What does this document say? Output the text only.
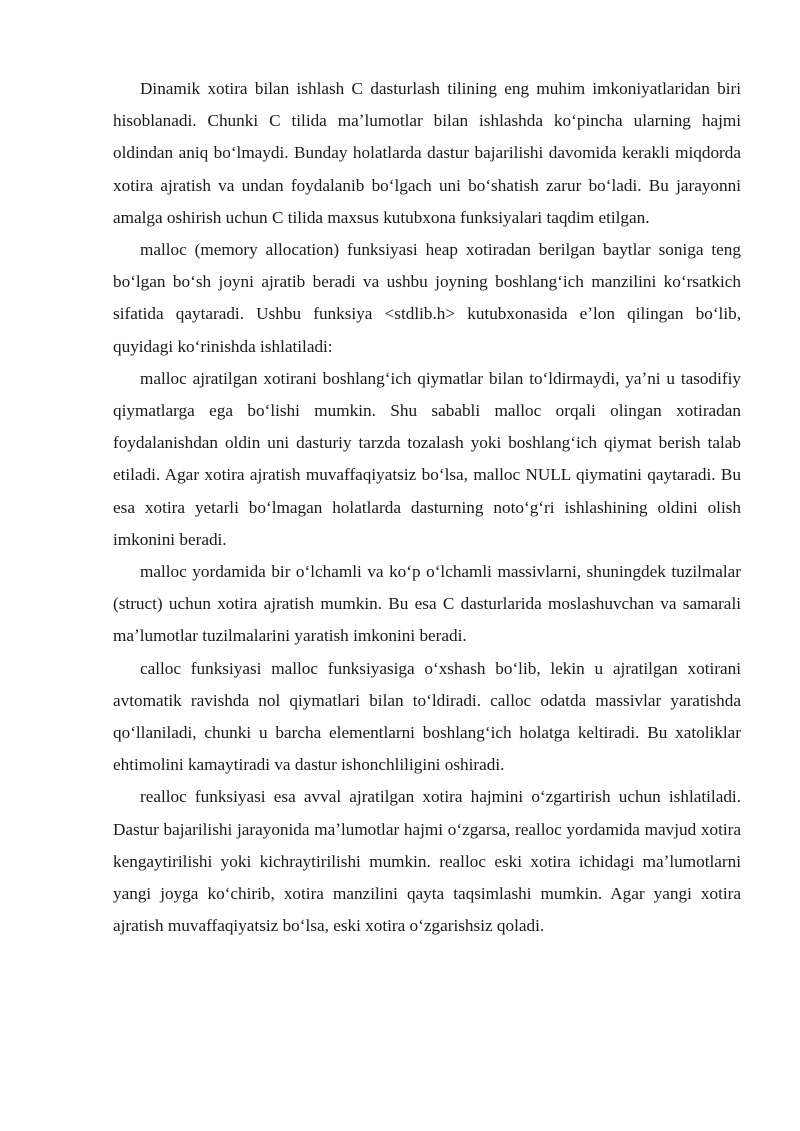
Dinamik xotira bilan ishlash C dasturlash tilining eng muhim imkoniyatlaridan biri hisoblanadi. Chunki C tilida maʼlumotlar bilan ishlashda koʻpincha ularning hajmi oldindan aniq boʻlmaydi. Bunday holatlarda dastur bajarilishi davomida kerakli miqdorda xotira ajratish va undan foydalanib boʻlgach uni boʻshatish zarur boʻladi. Bu jarayonni amalga oshirish uchun C tilida maxsus kutubxona funksiyalari taqdim etilgan.

malloc (memory allocation) funksiyasi heap xotiradan berilgan baytlar soniga teng boʻlgan boʻsh joyni ajratib beradi va ushbu joyning boshlangʻich manzilini koʻrsatkich sifatida qaytaradi. Ushbu funksiya <stdlib.h> kutubxonasida eʼlon qilingan boʻlib, quyidagi koʻrinishda ishlatiladi:

malloc ajratilgan xotirani boshlangʻich qiymatlar bilan toʻldirmaydi, yaʼni u tasodifiy qiymatlarga ega boʻlishi mumkin. Shu sababli malloc orqali olingan xotiradan foydalanishdan oldin uni dasturiy tarzda tozalash yoki boshlangʻich qiymat berish talab etiladi. Agar xotira ajratish muvaffaqiyatsiz boʻlsa, malloc NULL qiymatini qaytaradi. Bu esa xotira yetarli boʻlmagan holatlarda dasturning notoʻgʻri ishlashining oldini olish imkonini beradi.

malloc yordamida bir oʻlchamli va koʻp oʻlchamli massivlarni, shuningdek tuzilmalar (struct) uchun xotira ajratish mumkin. Bu esa C dasturlarida moslashuvchan va samarali maʼlumotlar tuzilmalarini yaratish imkonini beradi.

calloc funksiyasi malloc funksiyasiga oʻxshash boʻlib, lekin u ajratilgan xotirani avtomatik ravishda nol qiymatlari bilan toʻldiradi. calloc odatda massivlar yaratishda qoʻllaniladi, chunki u barcha elementlarni boshlangʻich holatga keltiradi. Bu xatoliklar ehtimolini kamaytiradi va dastur ishonchliligini oshiradi.

realloc funksiyasi esa avval ajratilgan xotira hajmini oʻzgartirish uchun ishlatiladi. Dastur bajarilishi jarayonida maʼlumotlar hajmi oʻzgarsa, realloc yordamida mavjud xotira kengaytirilishi yoki kichraytirilishi mumkin. realloc eski xotira ichidagi maʼlumotlarni yangi joyga koʻchirib, xotira manzilini qayta taqsimlashi mumkin. Agar yangi xotira ajratish muvaffaqiyatsiz boʻlsa, eski xotira oʻzgarishsiz qoladi.
